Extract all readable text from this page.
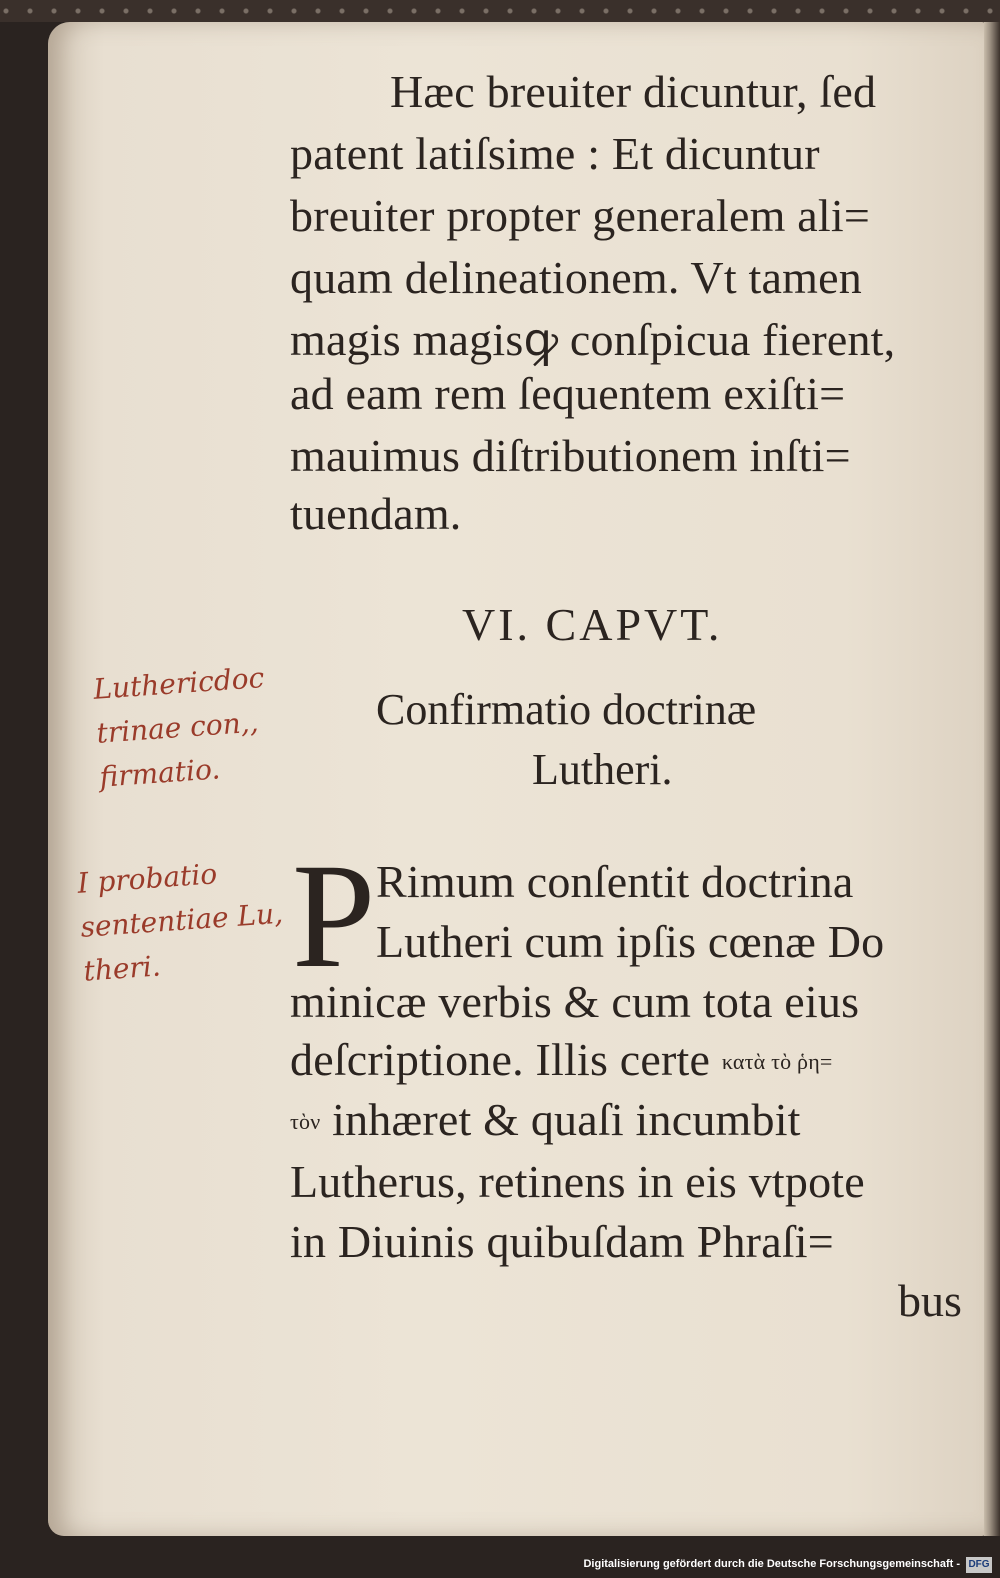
Hæc breuiter dicuntur, ſed
patent latiſsime : Et dicuntur
breuiter propter generalem ali=
quam delineationem. Vt tamen
magis magisꝙ conſpicua fierent,
ad eam rem ſequentem exiſti=
mauimus diſtributionem inſti=
tuendam.
VI. CAPVT.
Confirmatio doctrinæ
Lutheri.
Luthericdoc
trinae con,,
firmatio.
I probatio
sententiae Lu,
theri. P Rimum conſentit doctrina
Lutheri cum ipſis cœnæ Do
minicæ verbis & cum tota eius
deſcriptione. Illis certe κατὰ τὸ ῥη=
τὸν inhæret & quaſi incumbit
Lutherus, retinens in eis vtpote
in Diuinis quibuſdam Phraſi=
bus
Digitalisierung gefördert durch die Deutsche Forschungsgemeinschaft - DFG
